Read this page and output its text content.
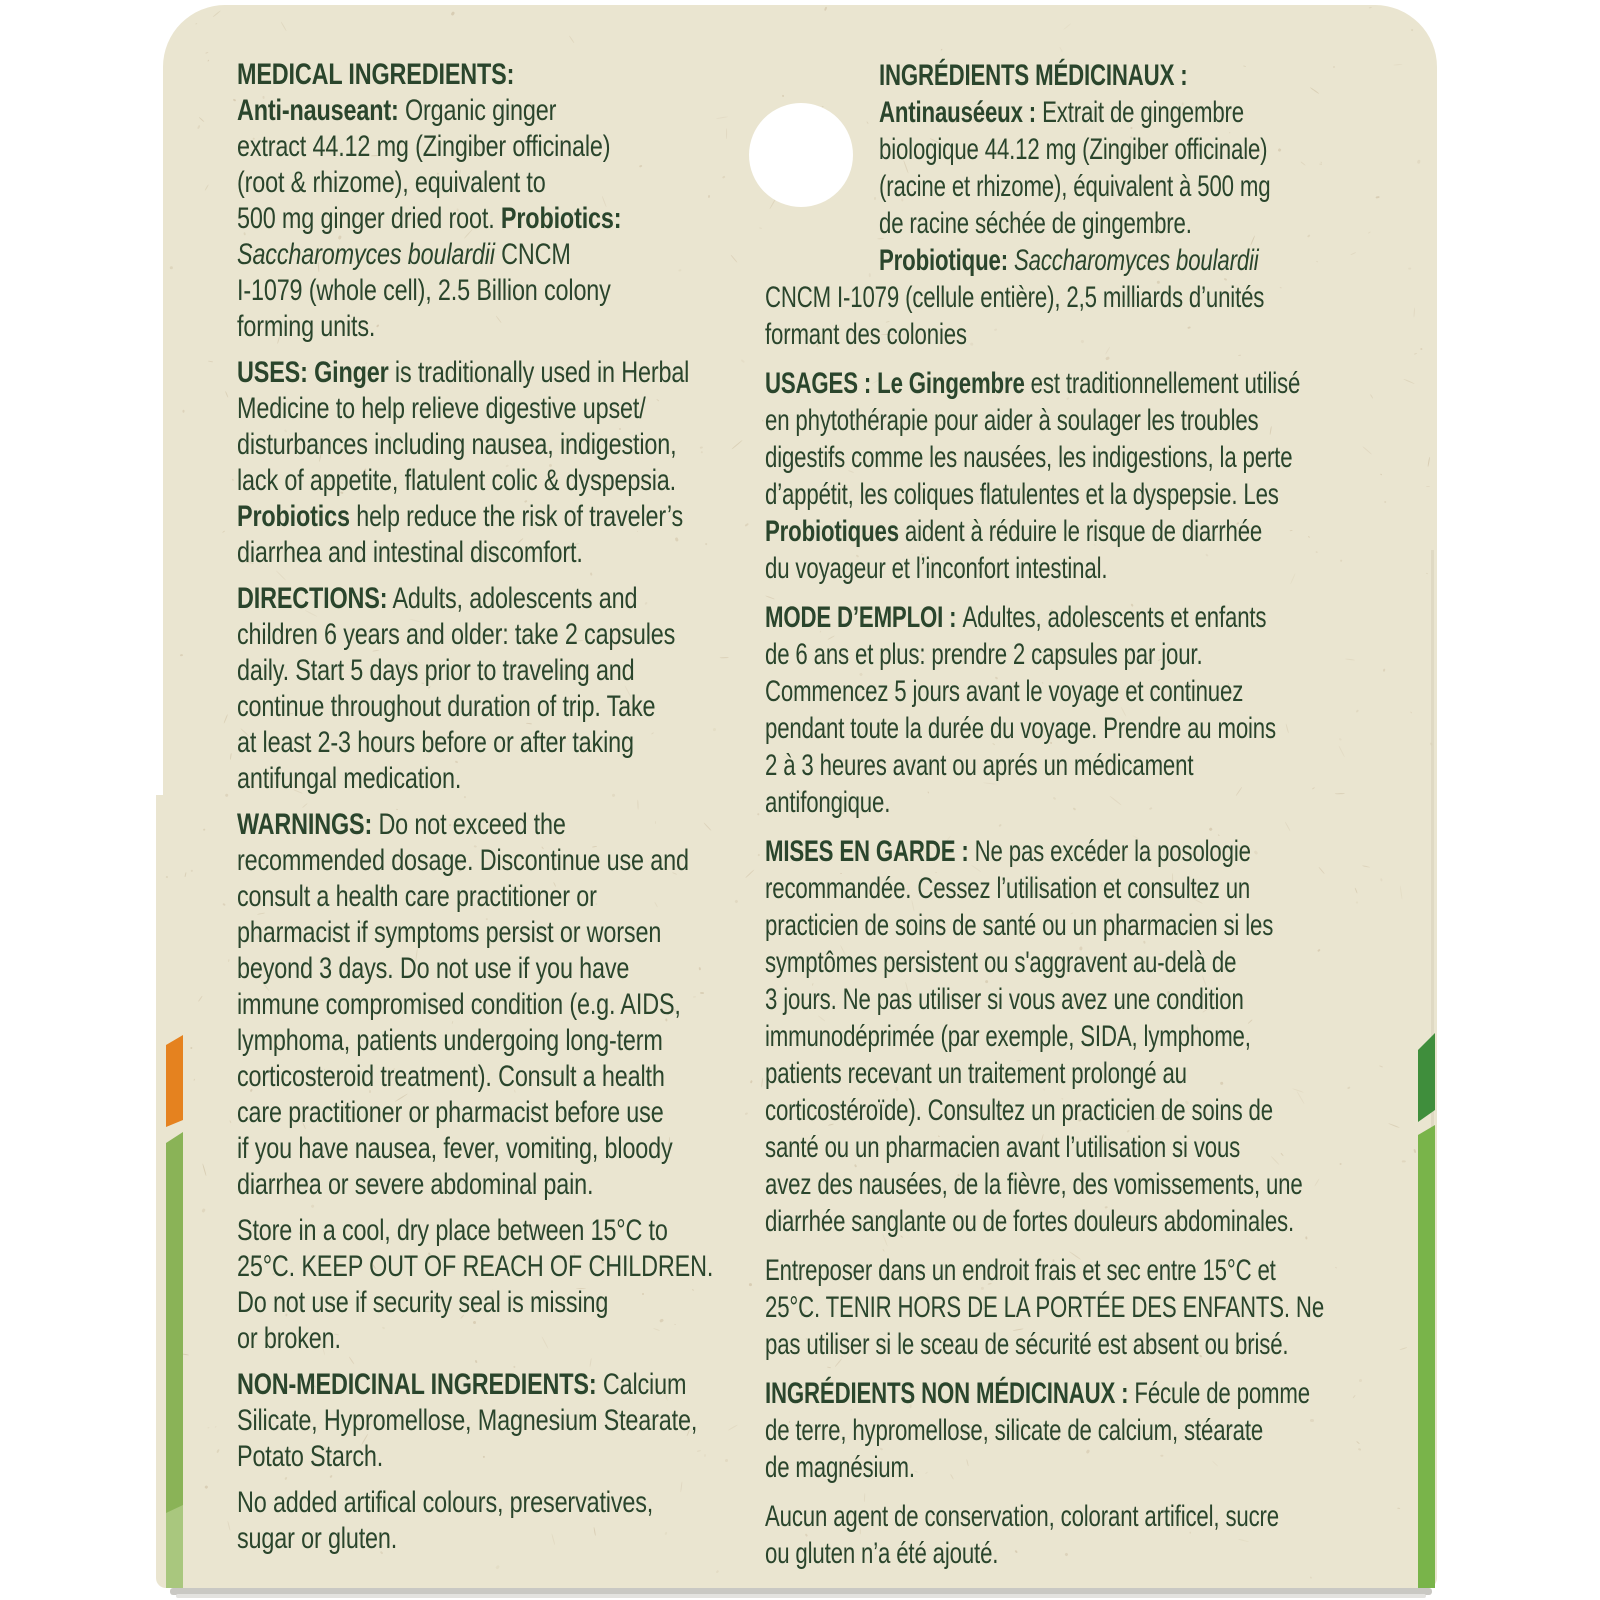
MEDICAL INGREDIENTS:
Anti-nauseant: Organic ginger
extract 44.12 mg (Zingiber officinale)
(root & rhizome), equivalent to
500 mg ginger dried root. Probiotics:
Saccharomyces boulardii CNCM
I-1079 (whole cell), 2.5 Billion colony
forming units.
USES: Ginger is traditionally used in Herbal
Medicine to help relieve digestive upset/
disturbances including nausea, indigestion,
lack of appetite, flatulent colic & dyspepsia.
Probiotics help reduce the risk of traveler’s
diarrhea and intestinal discomfort.
DIRECTIONS: Adults, adolescents and
children 6 years and older: take 2 capsules
daily. Start 5 days prior to traveling and
continue throughout duration of trip. Take
at least 2-3 hours before or after taking
antifungal medication.
WARNINGS: Do not exceed the
recommended dosage. Discontinue use and
consult a health care practitioner or
pharmacist if symptoms persist or worsen
beyond 3 days. Do not use if you have
immune compromised condition (e.g. AIDS,
lymphoma, patients undergoing long-term
corticosteroid treatment). Consult a health
care practitioner or pharmacist before use
if you have nausea, fever, vomiting, bloody
diarrhea or severe abdominal pain.
Store in a cool, dry place between 15°C to
25°C. KEEP OUT OF REACH OF CHILDREN.
Do not use if security seal is missing
or broken.
NON-MEDICINAL INGREDIENTS: Calcium
Silicate, Hypromellose, Magnesium Stearate,
Potato Starch.
No added artifical colours, preservatives,
sugar or gluten.
INGRÉDIENTS MÉDICINAUX :
Antinauséeux : Extrait de gingembre
biologique 44.12 mg (Zingiber officinale)
(racine et rhizome), équivalent à 500 mg
de racine séchée de gingembre.
Probiotique: Saccharomyces boulardii
CNCM I-1079 (cellule entière), 2,5 milliards d’unités
formant des colonies
USAGES : Le Gingembre est traditionnellement utilisé
en phytothérapie pour aider à soulager les troubles
digestifs comme les nausées, les indigestions, la perte
d’appétit, les coliques flatulentes et la dyspepsie. Les
Probiotiques aident à réduire le risque de diarrhée
du voyageur et l’inconfort intestinal.
MODE D’EMPLOI : Adultes, adolescents et enfants
de 6 ans et plus: prendre 2 capsules par jour.
Commencez 5 jours avant le voyage et continuez
pendant toute la durée du voyage. Prendre au moins
2 à 3 heures avant ou aprés un médicament
antifongique.
MISES EN GARDE : Ne pas excéder la posologie
recommandée. Cessez l’utilisation et consultez un
practicien de soins de santé ou un pharmacien si les
symptômes persistent ou s'aggravent au-delà de
3 jours. Ne pas utiliser si vous avez une condition
immunodéprimée (par exemple, SIDA, lymphome,
patients recevant un traitement prolongé au
corticostéroïde). Consultez un practicien de soins de
santé ou un pharmacien avant l’utilisation si vous
avez des nausées, de la fièvre, des vomissements, une
diarrhée sanglante ou de fortes douleurs abdominales.
Entreposer dans un endroit frais et sec entre 15°C et
25°C. TENIR HORS DE LA PORTÉE DES ENFANTS. Ne
pas utiliser si le sceau de sécurité est absent ou brisé.
INGRÉDIENTS NON MÉDICINAUX : Fécule de pomme
de terre, hypromellose, silicate de calcium, stéarate
de magnésium.
Aucun agent de conservation, colorant artificel, sucre
ou gluten n’a été ajouté.
